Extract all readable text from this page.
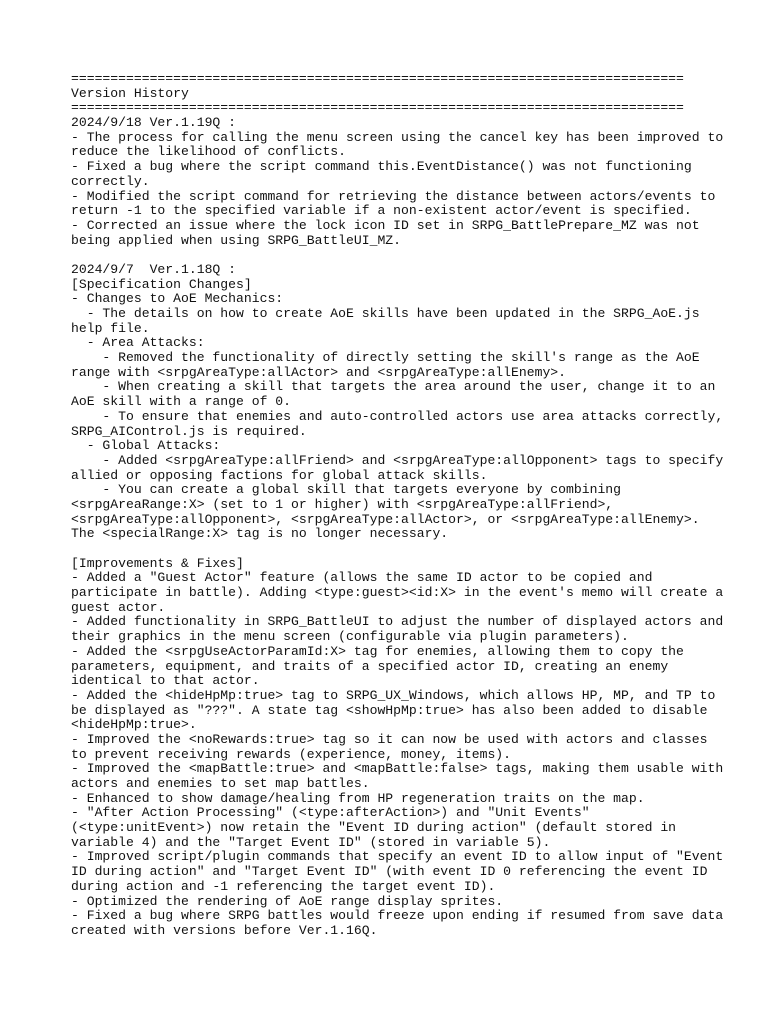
==============================================================================
Version History
==============================================================================
2024/9/18 Ver.1.19Q :
- The process for calling the menu screen using the cancel key has been improved to
reduce the likelihood of conflicts.
- Fixed a bug where the script command this.EventDistance() was not functioning
correctly.
- Modified the script command for retrieving the distance between actors/events to
return -1 to the specified variable if a non-existent actor/event is specified.
- Corrected an issue where the lock icon ID set in SRPG_BattlePrepare_MZ was not
being applied when using SRPG_BattleUI_MZ.
2024/9/7  Ver.1.18Q :
[Specification Changes]
- Changes to AoE Mechanics:
- The details on how to create AoE skills have been updated in the SRPG_AoE.js
help file.
- Area Attacks:
- Removed the functionality of directly setting the skill's range as the AoE
range with <srpgAreaType:allActor> and <srpgAreaType:allEnemy>.
- When creating a skill that targets the area around the user, change it to an
AoE skill with a range of 0.
- To ensure that enemies and auto-controlled actors use area attacks correctly,
SRPG_AIControl.js is required.
- Global Attacks:
- Added <srpgAreaType:allFriend> and <srpgAreaType:allOpponent> tags to specify
allied or opposing factions for global attack skills.
- You can create a global skill that targets everyone by combining
<srpgAreaRange:X> (set to 1 or higher) with <srpgAreaType:allFriend>,
<srpgAreaType:allOpponent>, <srpgAreaType:allActor>, or <srpgAreaType:allEnemy>.
The <specialRange:X> tag is no longer necessary.
[Improvements & Fixes]
- Added a "Guest Actor" feature (allows the same ID actor to be copied and
participate in battle). Adding <type:guest><id:X> in the event's memo will create a
guest actor.
- Added functionality in SRPG_BattleUI to adjust the number of displayed actors and
their graphics in the menu screen (configurable via plugin parameters).
- Added the <srpgUseActorParamId:X> tag for enemies, allowing them to copy the
parameters, equipment, and traits of a specified actor ID, creating an enemy
identical to that actor.
- Added the <hideHpMp:true> tag to SRPG_UX_Windows, which allows HP, MP, and TP to
be displayed as "???". A state tag <showHpMp:true> has also been added to disable
<hideHpMp:true>.
- Improved the <noRewards:true> tag so it can now be used with actors and classes
to prevent receiving rewards (experience, money, items).
- Improved the <mapBattle:true> and <mapBattle:false> tags, making them usable with
actors and enemies to set map battles.
- Enhanced to show damage/healing from HP regeneration traits on the map.
- "After Action Processing" (<type:afterAction>) and "Unit Events"
(<type:unitEvent>) now retain the "Event ID during action" (default stored in
variable 4) and the "Target Event ID" (stored in variable 5).
- Improved script/plugin commands that specify an event ID to allow input of "Event
ID during action" and "Target Event ID" (with event ID 0 referencing the event ID
during action and -1 referencing the target event ID).
- Optimized the rendering of AoE range display sprites.
- Fixed a bug where SRPG battles would freeze upon ending if resumed from save data
created with versions before Ver.1.16Q.
